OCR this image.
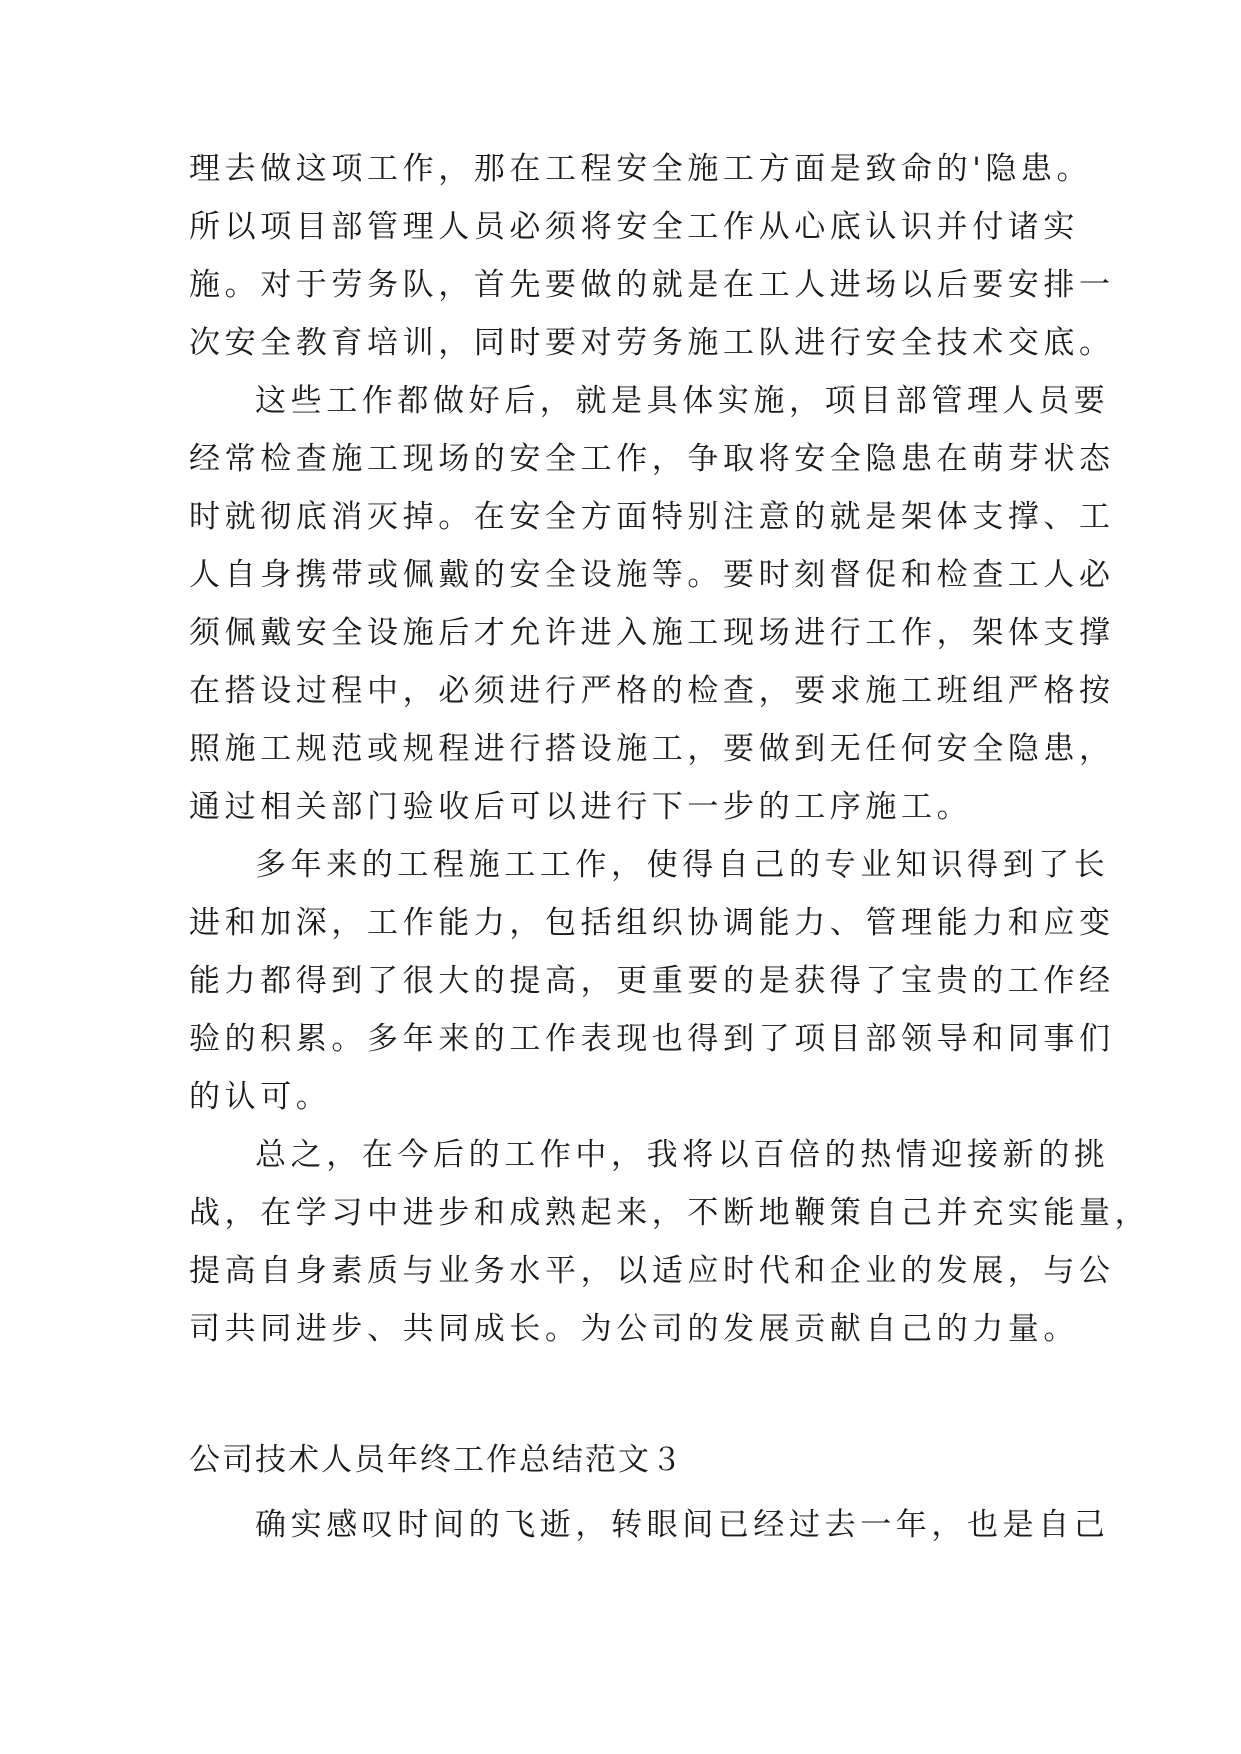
理去做这项工作，那在工程安全施工方面是致命的'隐患。
所以项目部管理人员必须将安全工作从心底认识并付诸实
施。对于劳务队，首先要做的就是在工人进场以后要安排一
次安全教育培训，同时要对劳务施工队进行安全技术交底。
这些工作都做好后，就是具体实施，项目部管理人员要
经常检查施工现场的安全工作，争取将安全隐患在萌芽状态
时就彻底消灭掉。在安全方面特别注意的就是架体支撑、工
人自身携带或佩戴的安全设施等。要时刻督促和检查工人必
须佩戴安全设施后才允许进入施工现场进行工作，架体支撑
在搭设过程中，必须进行严格的检查，要求施工班组严格按
照施工规范或规程进行搭设施工，要做到无任何安全隐患，
通过相关部门验收后可以进行下一步的工序施工。
多年来的工程施工工作，使得自己的专业知识得到了长
进和加深，工作能力，包括组织协调能力、管理能力和应变
能力都得到了很大的提高，更重要的是获得了宝贵的工作经
验的积累。多年来的工作表现也得到了项目部领导和同事们
的认可。
总之，在今后的工作中，我将以百倍的热情迎接新的挑
战，在学习中进步和成熟起来，不断地鞭策自己并充实能量，
提高自身素质与业务水平，以适应时代和企业的发展，与公
司共同进步、共同成长。为公司的发展贡献自己的力量。
公司技术人员年终工作总结范文３
确实感叹时间的飞逝，转眼间已经过去一年，也是自己
